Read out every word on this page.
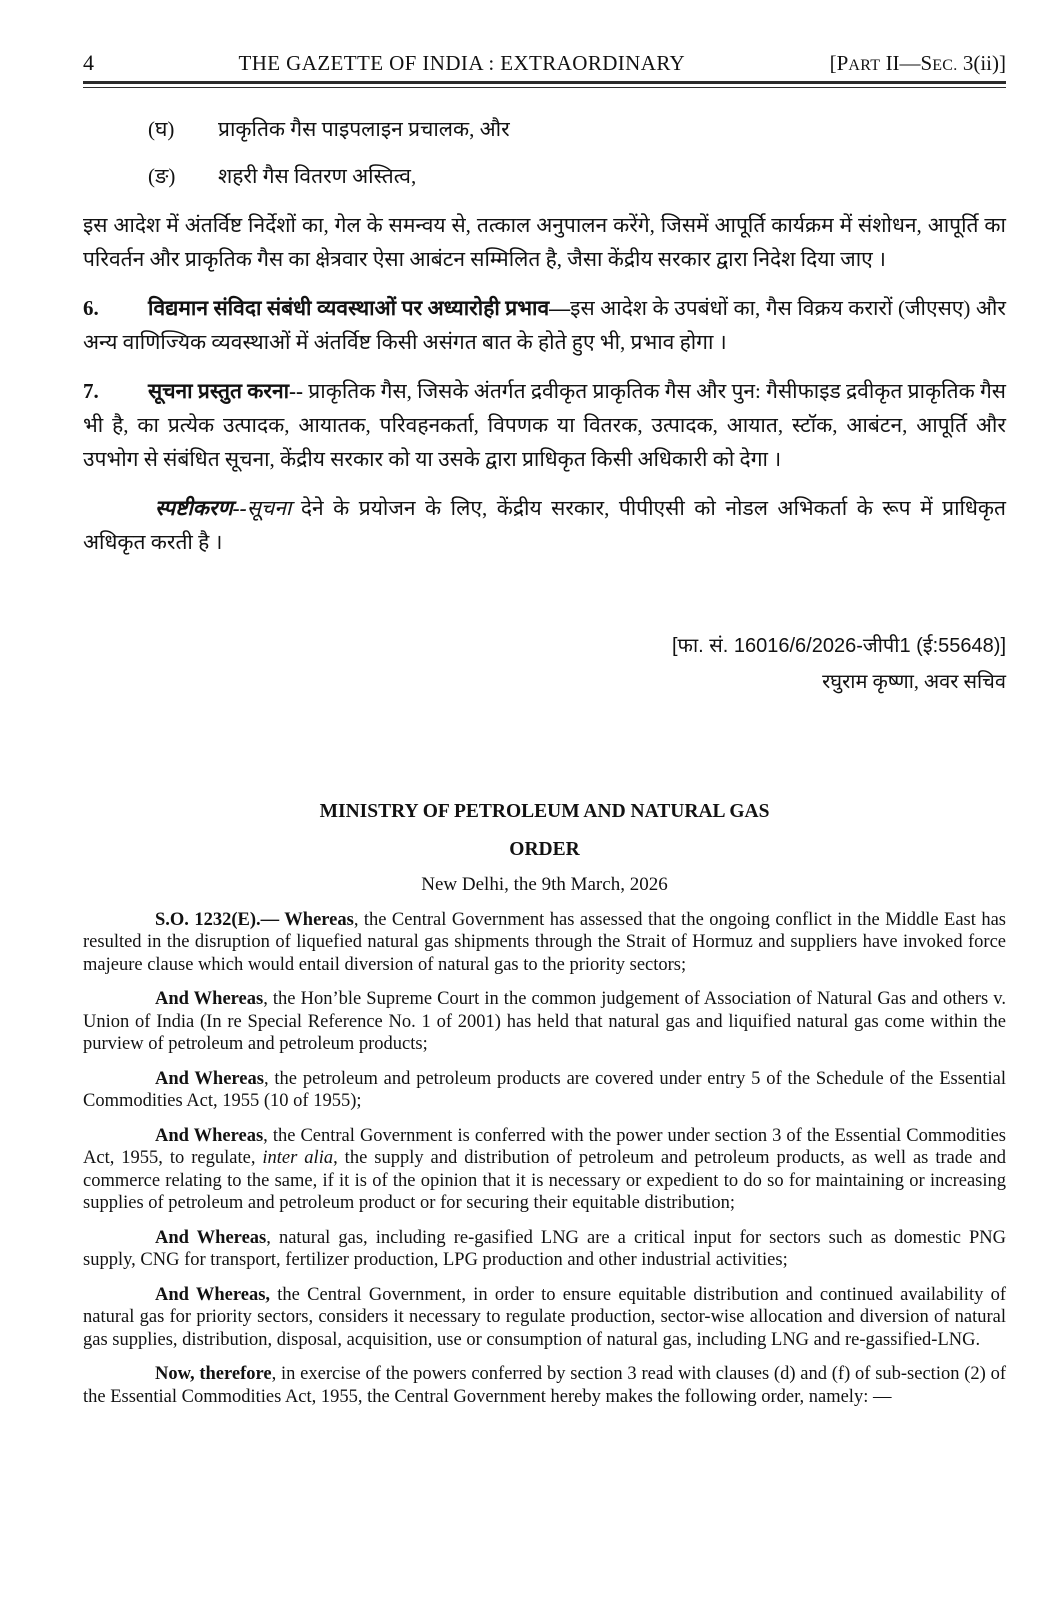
4	THE GAZETTE OF INDIA : EXTRAORDINARY	[PART II—SEC. 3(ii)]

(घ) प्राकृतिक गैस पाइपलाइन प्रचालक, और

(ङ) शहरी गैस वितरण अस्तित्व,

इस आदेश में अंतर्विष्ट निर्देशों का, गेल के समन्वय से, तत्काल अनुपालन करेंगे, जिसमें आपूर्ति कार्यक्रम में संशोधन, आपूर्ति का परिवर्तन और प्राकृतिक गैस का क्षेत्रवार ऐसा आबंटन सम्मिलित है, जैसा केंद्रीय सरकार द्वारा निदेश दिया जाए ।

6. विद्यमान संविदा संबंधी व्यवस्थाओं पर अध्यारोही प्रभाव—इस आदेश के उपबंधों का, गैस विक्रय करारों (जीएसए) और अन्य वाणिज्यिक व्यवस्थाओं में अंतर्विष्ट किसी असंगत बात के होते हुए भी, प्रभाव होगा ।

7. सूचना प्रस्तुत करना-- प्राकृतिक गैस, जिसके अंतर्गत द्रवीकृत प्राकृतिक गैस और पुन: गैसीफाइड द्रवीकृत प्राकृतिक गैस भी है, का प्रत्येक उत्पादक, आयातक, परिवहनकर्ता, विपणक या वितरक, उत्पादक, आयात, स्टॉक, आबंटन, आपूर्ति और उपभोग से संबंधित सूचना, केंद्रीय सरकार को या उसके द्वारा प्राधिकृत किसी अधिकारी को देगा ।

स्पष्टीकरण--सूचना देने के प्रयोजन के लिए, केंद्रीय सरकार, पीपीएसी को नोडल अभिकर्ता के रूप में प्राधिकृत अधिकृत करती है ।

[फा. सं. 16016/6/2026-जीपी1 (ई:55648)]
रघुराम कृष्णा, अवर सचिव
MINISTRY OF PETROLEUM AND NATURAL GAS
ORDER
New Delhi, the 9th March, 2026

S.O. 1232(E).— Whereas, the Central Government has assessed that the ongoing conflict in the Middle East has resulted in the disruption of liquefied natural gas shipments through the Strait of Hormuz and suppliers have invoked force majeure clause which would entail diversion of natural gas to the priority sectors;

And Whereas, the Hon’ble Supreme Court in the common judgement of Association of Natural Gas and others v. Union of India (In re Special Reference No. 1 of 2001) has held that natural gas and liquified natural gas come within the purview of petroleum and petroleum products;

And Whereas, the petroleum and petroleum products are covered under entry 5 of the Schedule of the Essential Commodities Act, 1955 (10 of 1955);

And Whereas, the Central Government is conferred with the power under section 3 of the Essential Commodities Act, 1955, to regulate, inter alia, the supply and distribution of petroleum and petroleum products, as well as trade and commerce relating to the same, if it is of the opinion that it is necessary or expedient to do so for maintaining or increasing supplies of petroleum and petroleum product or for securing their equitable distribution;

And Whereas, natural gas, including re-gasified LNG are a critical input for sectors such as domestic PNG supply, CNG for transport, fertilizer production, LPG production and other industrial activities;

And Whereas, the Central Government, in order to ensure equitable distribution and continued availability of natural gas for priority sectors, considers it necessary to regulate production, sector-wise allocation and diversion of natural gas supplies, distribution, disposal, acquisition, use or consumption of natural gas, including LNG and re-gassified-LNG.

Now, therefore, in exercise of the powers conferred by section 3 read with clauses (d) and (f) of sub-section (2) of the Essential Commodities Act, 1955, the Central Government hereby makes the following order, namely: —
